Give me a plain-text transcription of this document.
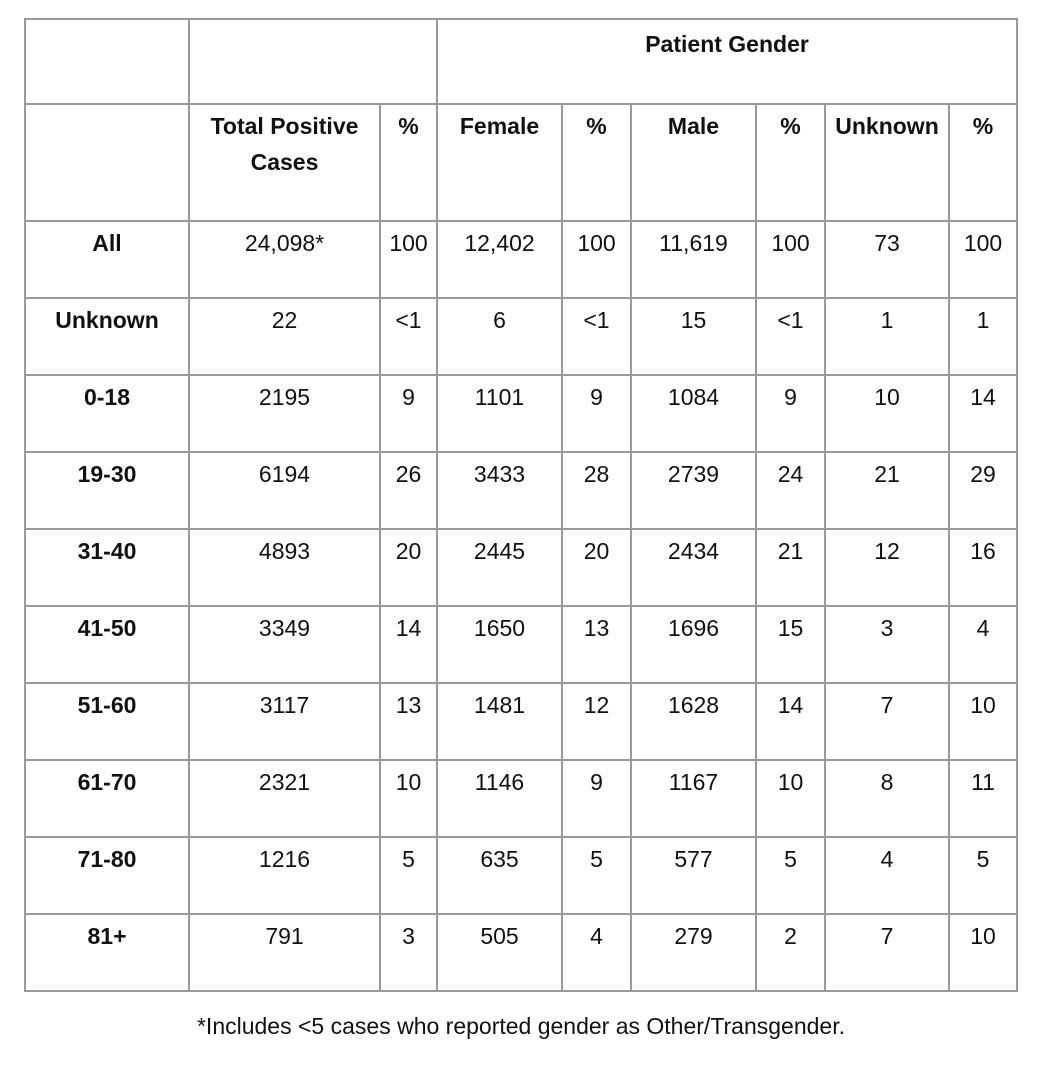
			Patient Gender					
	Total Positive Cases	%	Female	%	Male	%	Unknown	%
All	24,098*	100	12,402	100	11,619	100	73	100
Unknown	22	<1	6	<1	15	<1	1	1
0-18	2195	9	1101	9	1084	9	10	14
19-30	6194	26	3433	28	2739	24	21	29
31-40	4893	20	2445	20	2434	21	12	16
41-50	3349	14	1650	13	1696	15	3	4
51-60	3117	13	1481	12	1628	14	7	10
61-70	2321	10	1146	9	1167	10	8	11
71-80	1216	5	635	5	577	5	4	5
81+	791	3	505	4	279	2	7	10
*Includes <5 cases who reported gender as Other/Transgender.
